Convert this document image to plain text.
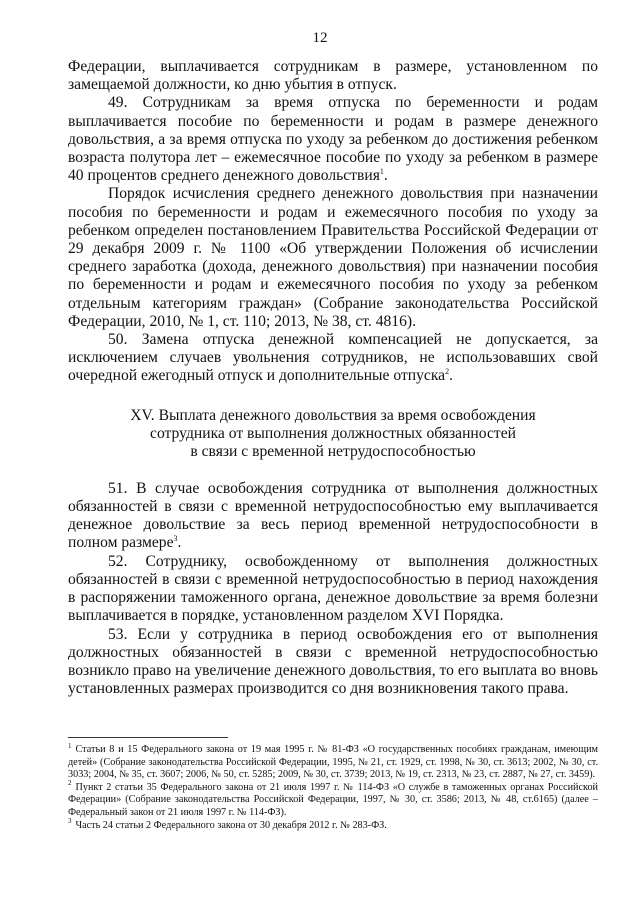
12

Федерации, выплачивается сотрудникам в размере, установленном по замещаемой должности, ко дню убытия в отпуск.

49. Сотрудникам за время отпуска по беременности и родам выплачивается пособие по беременности и родам в размере денежного довольствия, а за время отпуска по уходу за ребенком до достижения ребенком возраста полутора лет – ежемесячное пособие по уходу за ребенком в размере 40 процентов среднего денежного довольствия$^1$.

Порядок исчисления среднего денежного довольствия при назначении пособия по беременности и родам и ежемесячного пособия по уходу за ребенком определен постановлением Правительства Российской Федерации от 29 декабря 2009 г. № 1100 «Об утверждении Положения об исчислении среднего заработка (дохода, денежного довольствия) при назначении пособия по беременности и родам и ежемесячного пособия по уходу за ребенком отдельным категориям граждан» (Собрание законодательства Российской Федерации, 2010, № 1, ст. 110; 2013, № 38, ст. 4816).

50. Замена отпуска денежной компенсацией не допускается, за исключением случаев увольнения сотрудников, не использовавших свой очередной ежегодный отпуск и дополнительные отпуска$^2$.

XV. Выплата денежного довольствия за время освобождения
сотрудника от выполнения должностных обязанностей
в связи с временной нетрудоспособностью

51. В случае освобождения сотрудника от выполнения должностных обязанностей в связи с временной нетрудоспособностью ему выплачивается денежное довольствие за весь период временной нетрудоспособности в полном размере$^3$.

52. Сотруднику, освобожденному от выполнения должностных обязанностей в связи с временной нетрудоспособностью в период нахождения в распоряжении таможенного органа, денежное довольствие за время болезни выплачивается в порядке, установленном разделом XVI Порядка.

53. Если у сотрудника в период освобождения его от выполнения должностных обязанностей в связи с временной нетрудоспособностью возникло право на увеличение денежного довольствия, то его выплата во вновь установленных размерах производится со дня возникновения такого права.

$^1$ Статьи 8 и 15 Федерального закона от 19 мая 1995 г. № 81-ФЗ «О государственных пособиях гражданам, имеющим детей» (Собрание законодательства Российской Федерации, 1995, № 21, ст. 1929, ст. 1998, № 30, ст. 3613; 2002, № 30, ст. 3033; 2004, № 35, ст. 3607; 2006, № 50, ст. 5285; 2009, № 30, ст. 3739; 2013, № 19, ст. 2313, № 23, ст. 2887, № 27, ст. 3459).

$^2$ Пункт 2 статьи 35 Федерального закона от 21 июля 1997 г. № 114-ФЗ «О службе в таможенных органах Российской Федерации» (Собрание законодательства Российской Федерации, 1997, № 30, ст. 3586; 2013, № 48, ст.6165) (далее – Федеральный закон от 21 июля 1997 г. № 114-ФЗ).

$^3$ Часть 24 статьи 2 Федерального закона от 30 декабря 2012 г. № 283-ФЗ.
